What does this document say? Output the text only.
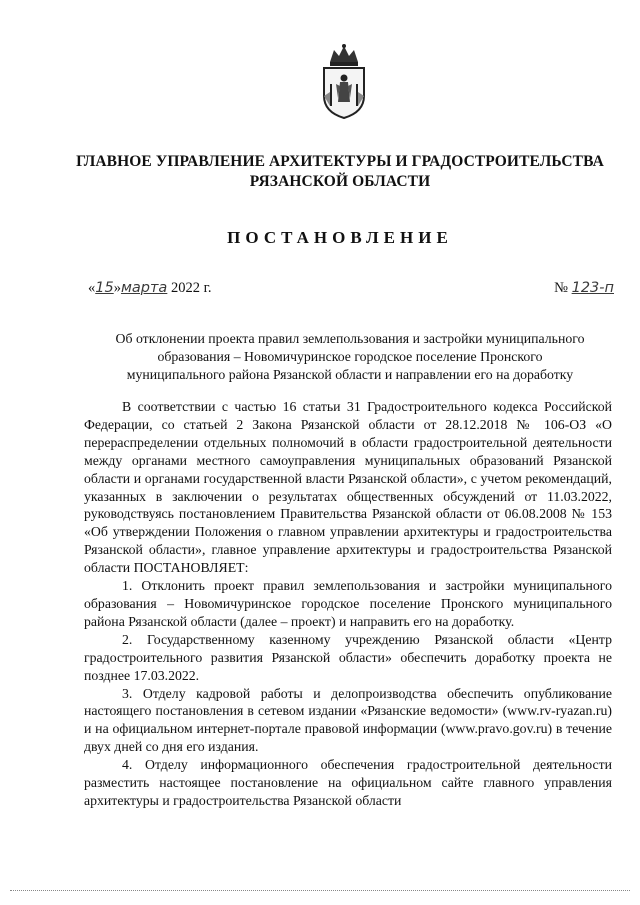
ГЛАВНОЕ УПРАВЛЕНИЕ АРХИТЕКТУРЫ И ГРАДОСТРОИТЕЛЬСТВА
РЯЗАНСКОЙ ОБЛАСТИ
ПОСТАНОВЛЕНИЕ
«15»марта 2022 г.	№ 123-п
Об отклонении проекта правил землепользования и застройки муниципального
образования – Новомичуринское городское поселение Пронского
муниципального района Рязанской области и направлении его на доработку

В соответствии с частью 16 статьи 31 Градостроительного кодекса Российской Федерации, со статьей 2 Закона Рязанской области от 28.12.2018 № 106-ОЗ «О перераспределении отдельных полномочий в области градостроительной деятельности между органами местного самоуправления муниципальных образований Рязанской области и органами государственной власти Рязанской области», с учетом рекомендаций, указанных в заключении о результатах общественных обсуждений от 11.03.2022, руководствуясь постановлением Правительства Рязанской области от 06.08.2008 № 153 «Об утверждении Положения о главном управлении архитектуры и градостроительства Рязанской области», главное управление архитектуры и градостроительства Рязанской области ПОСТАНОВЛЯЕТ:

1. Отклонить проект правил землепользования и застройки муниципального образования – Новомичуринское городское поселение Пронского муниципального района Рязанской области (далее – проект) и направить его на доработку.

2. Государственному казенному учреждению Рязанской области «Центр градостроительного развития Рязанской области» обеспечить доработку проекта не позднее 17.03.2022.

3. Отделу кадровой работы и делопроизводства обеспечить опубликование настоящего постановления в сетевом издании «Рязанские ведомости» (www.rv-ryazan.ru) и на официальном интернет-портале правовой информации (www.pravo.gov.ru) в течение двух дней со дня его издания.

4. Отделу информационного обеспечения градостроительной деятельности разместить настоящее постановление на официальном сайте главного управления архитектуры и градостроительства Рязанской области
